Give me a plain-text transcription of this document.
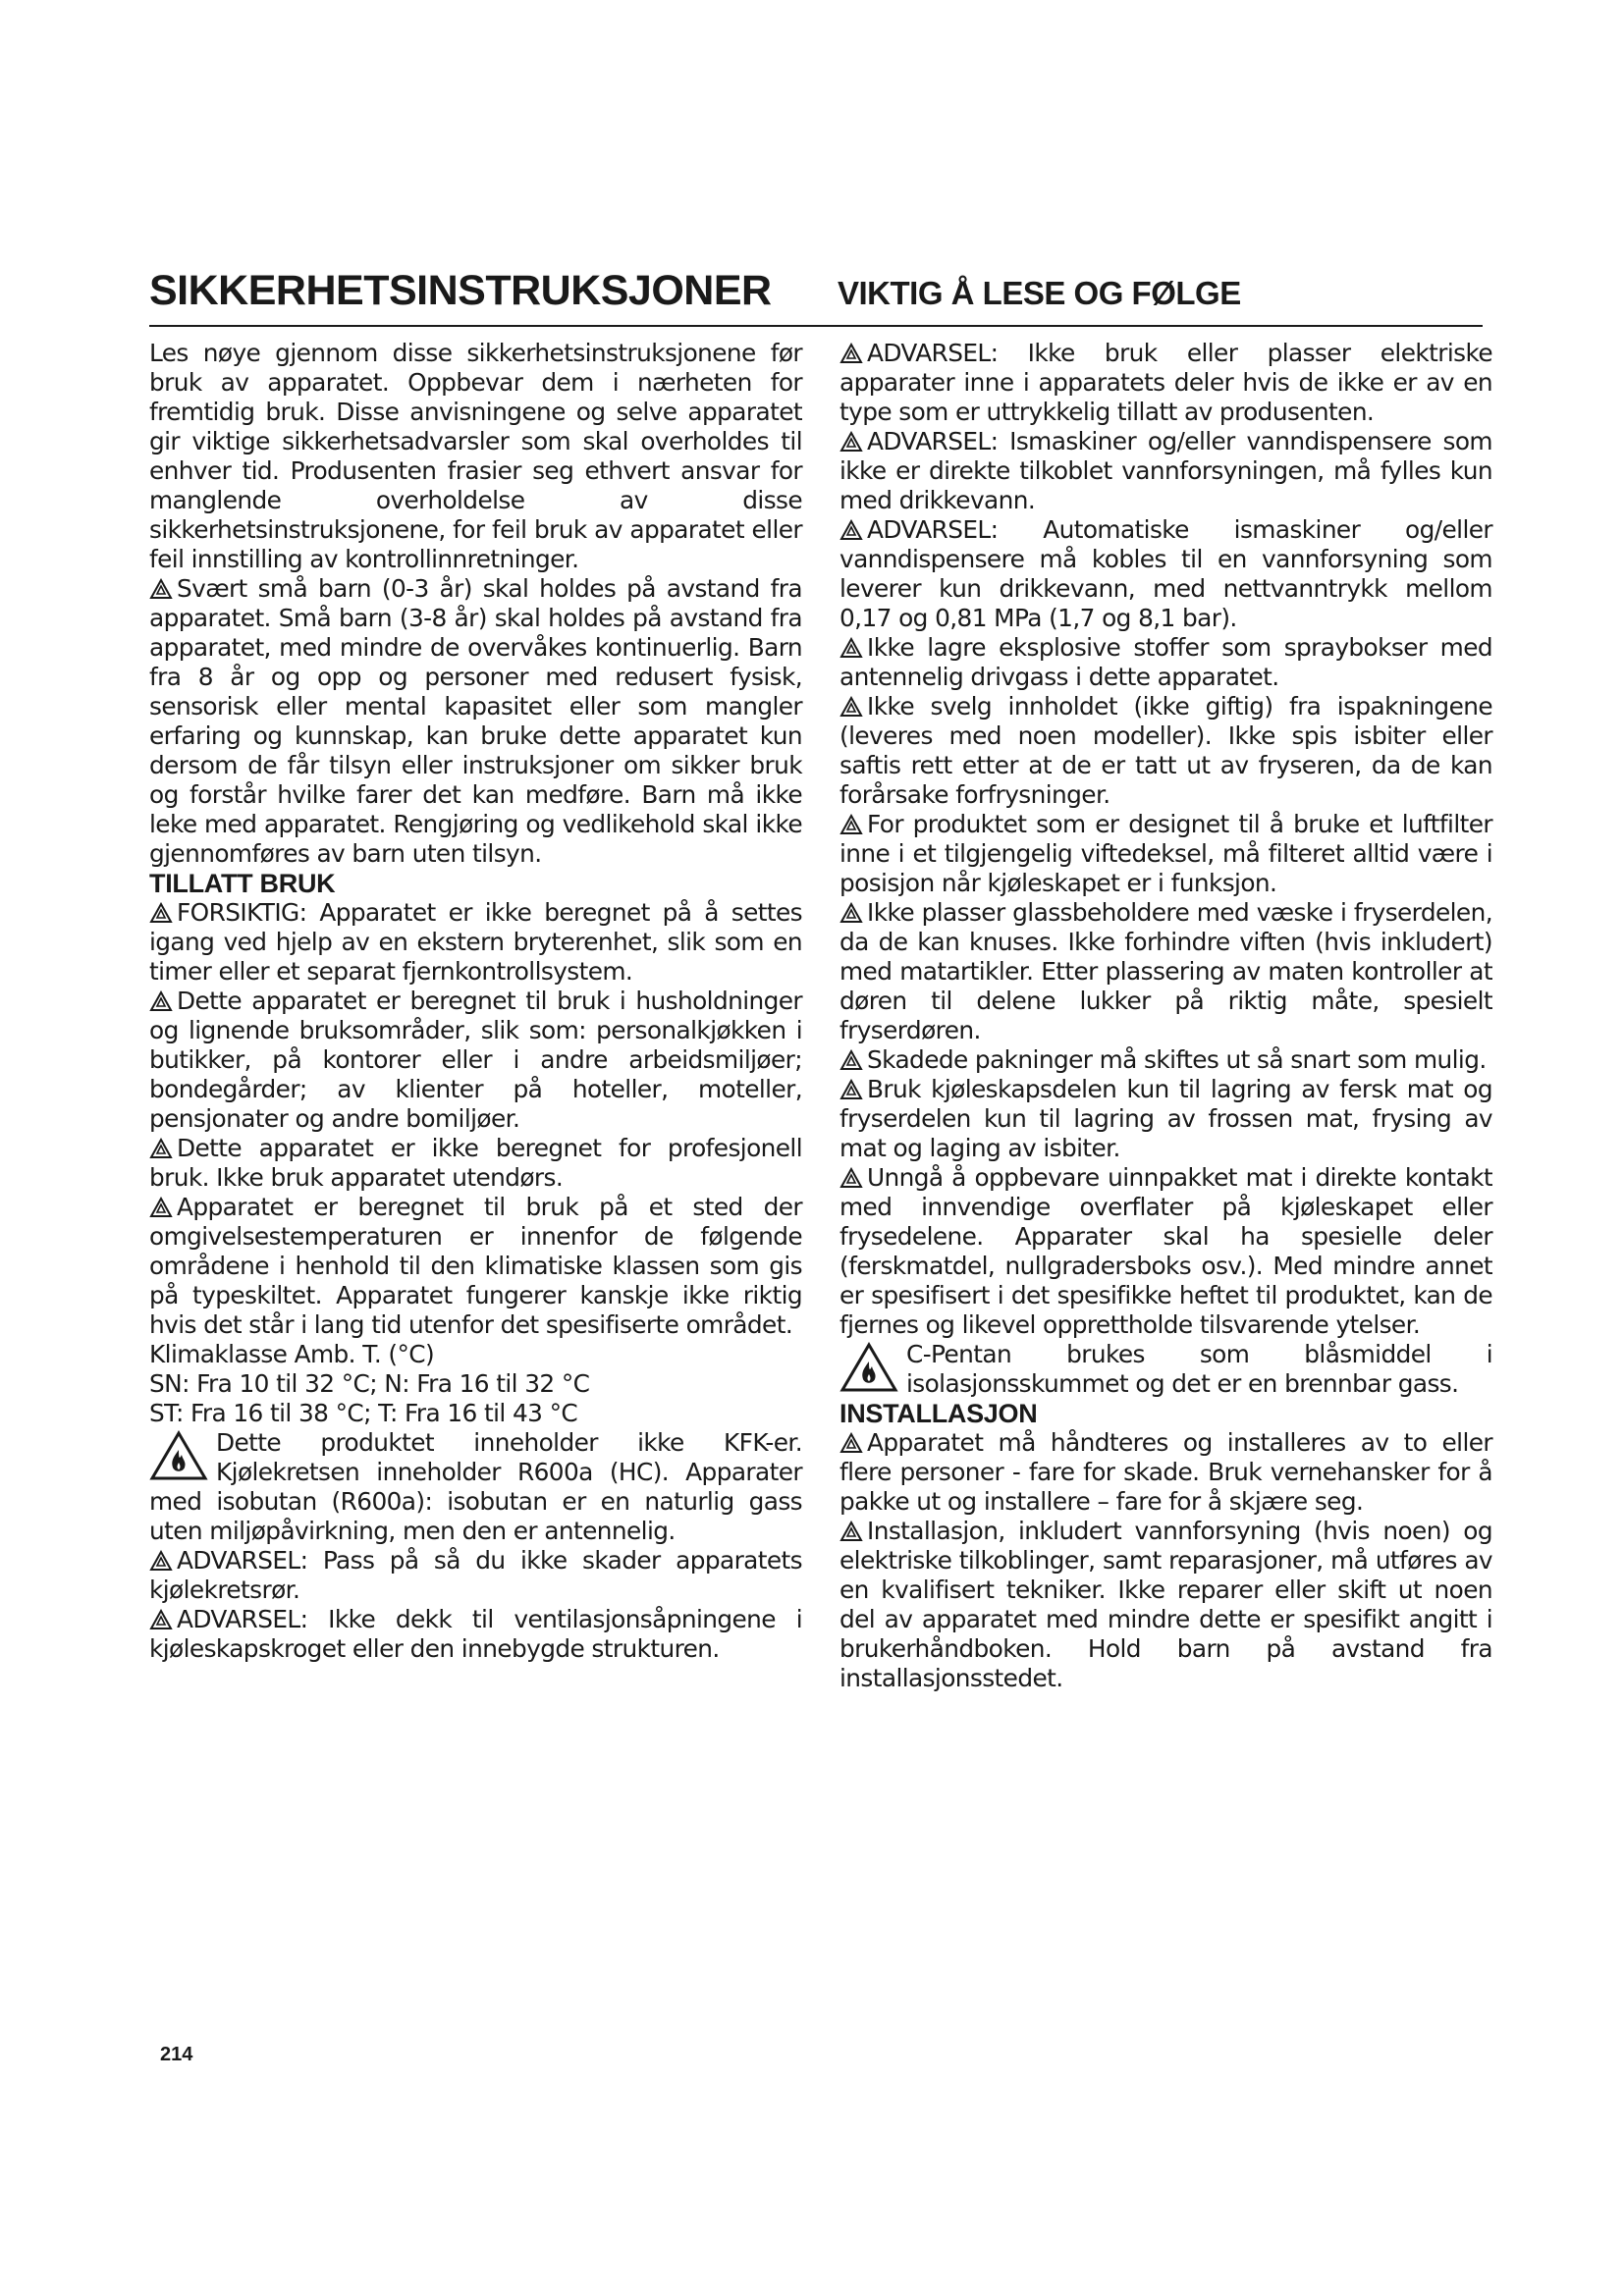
SIKKERHETSINSTRUKSJONER VIKTIG Å LESE OG FØLGE

Les nøye gjennom disse sikkerhetsinstruksjonene før bruk av apparatet. Oppbevar dem i nærheten for fremtidig bruk. Disse anvisningene og selve apparatet gir viktige sikkerhetsadvarsler som skal overholdes til enhver tid. Produsenten frasier seg ethvert ansvar for manglende overholdelse av disse sikkerhetsinstruksjonene, for feil bruk av apparatet eller feil innstilling av kontrollinnretninger.

Svært små barn (0-3 år) skal holdes på avstand fra apparatet. Små barn (3-8 år) skal holdes på avstand fra apparatet, med mindre de overvåkes kontinuerlig. Barn fra 8 år og opp og personer med redusert fysisk, sensorisk eller mental kapasitet eller som mangler erfaring og kunnskap, kan bruke dette apparatet kun dersom de får tilsyn eller instruksjoner om sikker bruk og forstår hvilke farer det kan medføre. Barn må ikke leke med apparatet. Rengjøring og vedlikehold skal ikke gjennomføres av barn uten tilsyn.

TILLATT BRUK

FORSIKTIG: Apparatet er ikke beregnet på å settes igang ved hjelp av en ekstern bryterenhet, slik som en timer eller et separat fjernkontrollsystem.

Dette apparatet er beregnet til bruk i husholdninger og lignende bruksområder, slik som: personalkjøkken i butikker, på kontorer eller i andre arbeidsmiljøer; bondegårder; av klienter på hoteller, moteller, pensjonater og andre bomiljøer.

Dette apparatet er ikke beregnet for profesjonell bruk. Ikke bruk apparatet utendørs.

Apparatet er beregnet til bruk på et sted der omgivelsestemperaturen er innenfor de følgende områdene i henhold til den klimatiske klassen som gis på typeskiltet. Apparatet fungerer kanskje ikke riktig hvis det står i lang tid utenfor det spesifiserte området.

Klimaklasse Amb. T. (°C)

SN: Fra 10 til 32 °C; N: Fra 16 til 32 °C

ST: Fra 16 til 38 °C; T: Fra 16 til 43 °C

Dette produktet inneholder ikke KFK-er. Kjølekretsen inneholder R600a (HC). Apparater med isobutan (R600a): isobutan er en naturlig gass uten miljøpåvirkning, men den er antennelig.

ADVARSEL: Pass på så du ikke skader apparatets kjølekretsrør.

ADVARSEL: Ikke dekk til ventilasjonsåpningene i kjøleskapskroget eller den innebygde strukturen.

ADVARSEL: Ikke bruk eller plasser elektriske apparater inne i apparatets deler hvis de ikke er av en type som er uttrykkelig tillatt av produsenten.

ADVARSEL: Ismaskiner og/eller vanndispensere som ikke er direkte tilkoblet vannforsyningen, må fylles kun med drikkevann.

ADVARSEL: Automatiske ismaskiner og/eller vanndispensere må kobles til en vannforsyning som leverer kun drikkevann, med nettvanntrykk mellom 0,17 og 0,81 MPa (1,7 og 8,1 bar).

Ikke lagre eksplosive stoffer som spraybokser med antennelig drivgass i dette apparatet.

Ikke svelg innholdet (ikke giftig) fra ispakningene (leveres med noen modeller). Ikke spis isbiter eller saftis rett etter at de er tatt ut av fryseren, da de kan forårsake forfrysninger.

For produktet som er designet til å bruke et luftfilter inne i et tilgjengelig viftedeksel, må filteret alltid være i posisjon når kjøleskapet er i funksjon.

Ikke plasser glassbeholdere med væske i fryserdelen, da de kan knuses. Ikke forhindre viften (hvis inkludert) med matartikler. Etter plassering av maten kontroller at døren til delene lukker på riktig måte, spesielt fryserdøren.

Skadede pakninger må skiftes ut så snart som mulig.

Bruk kjøleskapsdelen kun til lagring av fersk mat og fryserdelen kun til lagring av frossen mat, frysing av mat og laging av isbiter.

Unngå å oppbevare uinnpakket mat i direkte kontakt med innvendige overflater på kjøleskapet eller frysedelene. Apparater skal ha spesielle deler (ferskmatdel, nullgradersboks osv.). Med mindre annet er spesifisert i det spesifikke heftet til produktet, kan de fjernes og likevel opprettholde tilsvarende ytelser.

C-Pentan brukes som blåsmiddel i isolasjonsskummet og det er en brennbar gass.

INSTALLASJON

Apparatet må håndteres og installeres av to eller flere personer - fare for skade. Bruk vernehansker for å pakke ut og installere – fare for å skjære seg.

Installasjon, inkludert vannforsyning (hvis noen) og elektriske tilkoblinger, samt reparasjoner, må utføres av en kvalifisert tekniker. Ikke reparer eller skift ut noen del av apparatet med mindre dette er spesifikt angitt i brukerhåndboken. Hold barn på avstand fra installasjonsstedet.

214
